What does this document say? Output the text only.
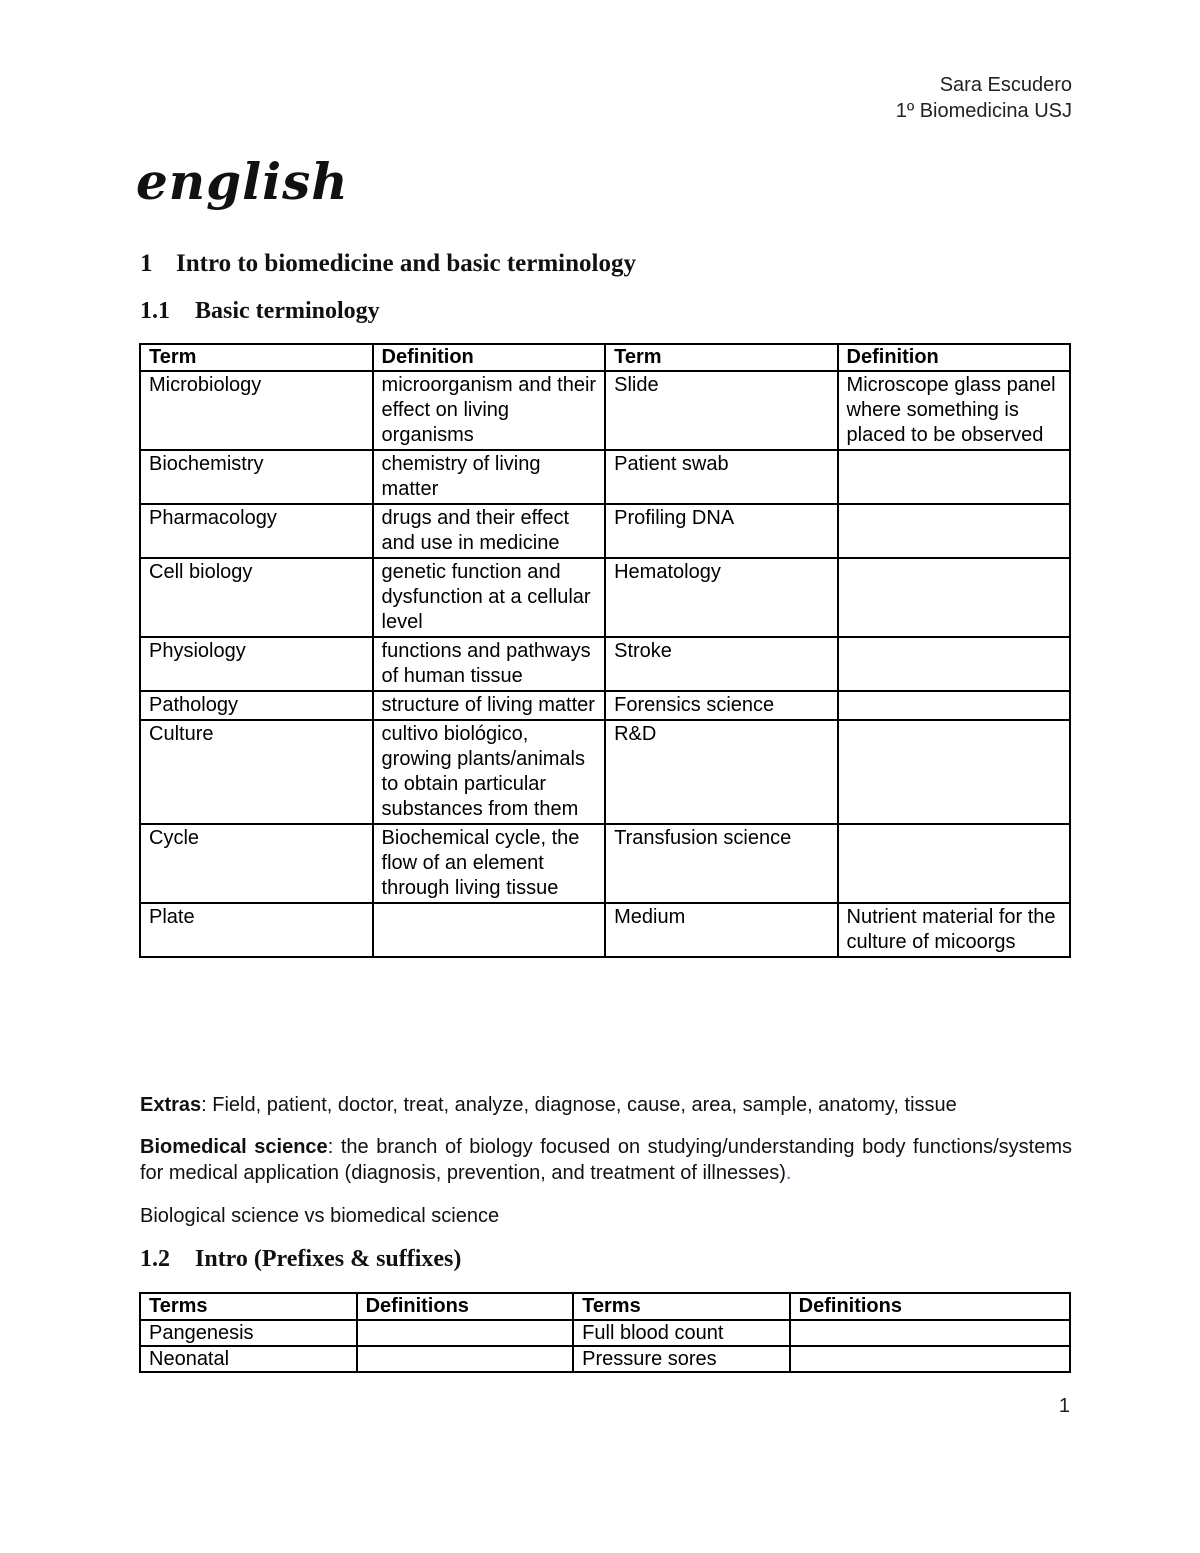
Sara Escudero
1º Biomedicina USJ
english
1 Intro to biomedicine and basic terminology
1.1 Basic terminology
Term	Definition	Term	Definition
Microbiology	microorganism and their effect on living organisms	Slide	Microscope glass panel where something is placed to be observed
Biochemistry	chemistry of living matter	Patient swab	
Pharmacology	drugs and their effect and use in medicine	Profiling DNA	
Cell biology	genetic function and dysfunction at a cellular level	Hematology	
Physiology	functions and pathways of human tissue	Stroke	
Pathology	structure of living matter	Forensics science	
Culture	cultivo biológico, growing plants/animals to obtain particular substances from them	R&D	
Cycle	Biochemical cycle, the flow of an element through living tissue	Transfusion science	
Plate		Medium	Nutrient material for the culture of micoorgs

Extras: Field, patient, doctor, treat, analyze, diagnose, cause, area, sample, anatomy, tissue

Biomedical science: the branch of biology focused on studying/understanding body functions/systems for medical application (diagnosis, prevention, and treatment of illnesses).

Biological science vs biomedical science

1.2 Intro (Prefixes & suffixes)
Terms	Definitions	Terms	Definitions
Pangenesis		Full blood count	
Neonatal		Pressure sores	
1
